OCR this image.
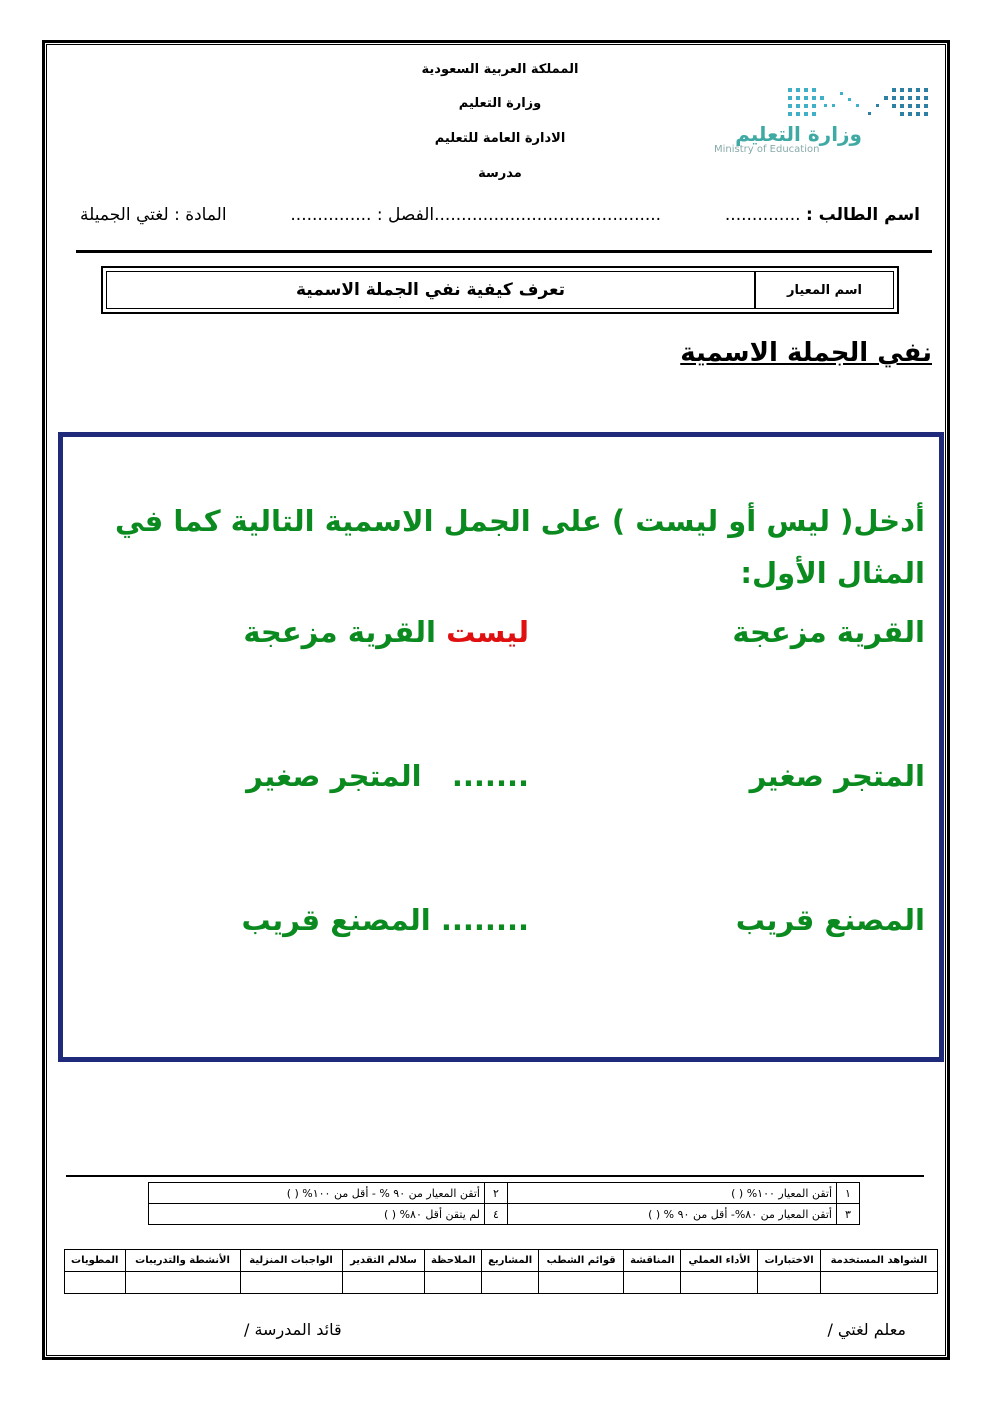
المملكة العربية السعودية
وزارة التعليم
الادارة العامة للتعليم
مدرسة
وزارة التعليم
Ministry of Education
اسم الطالب : ..............
..........................................الفصل : ...............
المادة : لغتي الجميلة
اسم المعيار
تعرف كيفية نفي الجملة الاسمية
نفي الجملة الاسمية
أدخل( ليس أو ليست ) على الجمل الاسمية التالية كما في المثال الأول:
القرية مزعجة
ليست القرية مزعجة
المتجر صغير
.......   المتجر صغير
المصنع قريب
........ المصنع قريب
١	أتقن المعيار ١٠٠% ( )	٢	أتقن المعيار من ٩٠ % - أقل من ١٠٠% ( )
٣	أتقن المعيار من ٨٠%- أقل من ٩٠ % ( )	٤	لم يتقن أقل ٨٠% ( )
الشواهد المستخدمة	الاختبارات	الأداء العملي	المناقشة	قوائم الشطب	المشاريع	الملاحظة	سلالم التقدير	الواجبات المنزلية	الأنشطة والتدريبات	المطويات

معلم لغتي /
قائد المدرسة /
